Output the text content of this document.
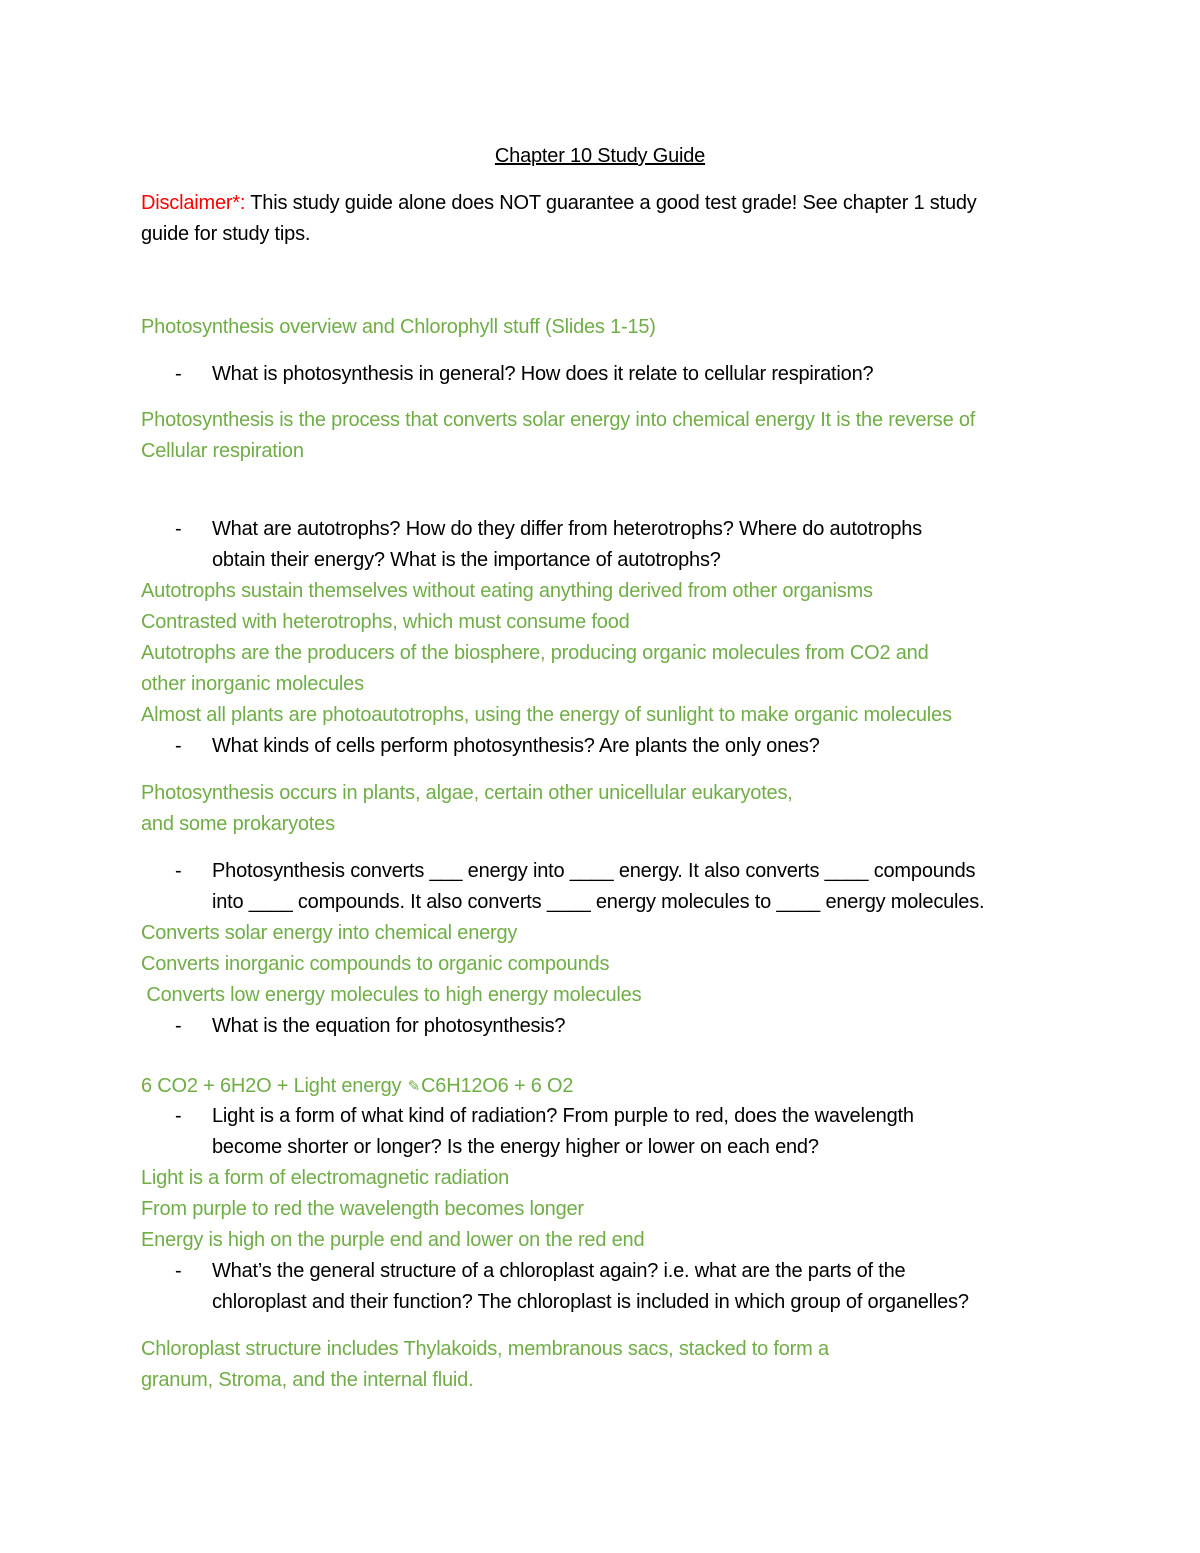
Chapter 10 Study Guide
Disclaimer*: This study guide alone does NOT guarantee a good test grade! See chapter 1 study
guide for study tips.
Photosynthesis overview and Chlorophyll stuff (Slides 1-15)
- What is photosynthesis in general? How does it relate to cellular respiration?
Photosynthesis is the process that converts solar energy into chemical energy It is the reverse of
Cellular respiration
- What are autotrophs? How do they differ from heterotrophs? Where do autotrophs
obtain their energy? What is the importance of autotrophs?
Autotrophs sustain themselves without eating anything derived from other organisms
Contrasted with heterotrophs, which must consume food
Autotrophs are the producers of the biosphere, producing organic molecules from CO2 and
other inorganic molecules
Almost all plants are photoautotrophs, using the energy of sunlight to make organic molecules
- What kinds of cells perform photosynthesis? Are plants the only ones?
Photosynthesis occurs in plants, algae, certain other unicellular eukaryotes,
and some prokaryotes
- Photosynthesis converts ___ energy into ____ energy. It also converts ____ compounds
into ____ compounds. It also converts ____ energy molecules to ____ energy molecules.
Converts solar energy into chemical energy
Converts inorganic compounds to organic compounds
Converts low energy molecules to high energy molecules
- What is the equation for photosynthesis?
6 CO2 + 6H2O + Light energy ✎C6H12O6 + 6 O2
- Light is a form of what kind of radiation? From purple to red, does the wavelength
become shorter or longer? Is the energy higher or lower on each end?
Light is a form of electromagnetic radiation
From purple to red the wavelength becomes longer
Energy is high on the purple end and lower on the red end
- What’s the general structure of a chloroplast again? i.e. what are the parts of the
chloroplast and their function? The chloroplast is included in which group of organelles?
Chloroplast structure includes Thylakoids, membranous sacs, stacked to form a
granum, Stroma, and the internal fluid.
